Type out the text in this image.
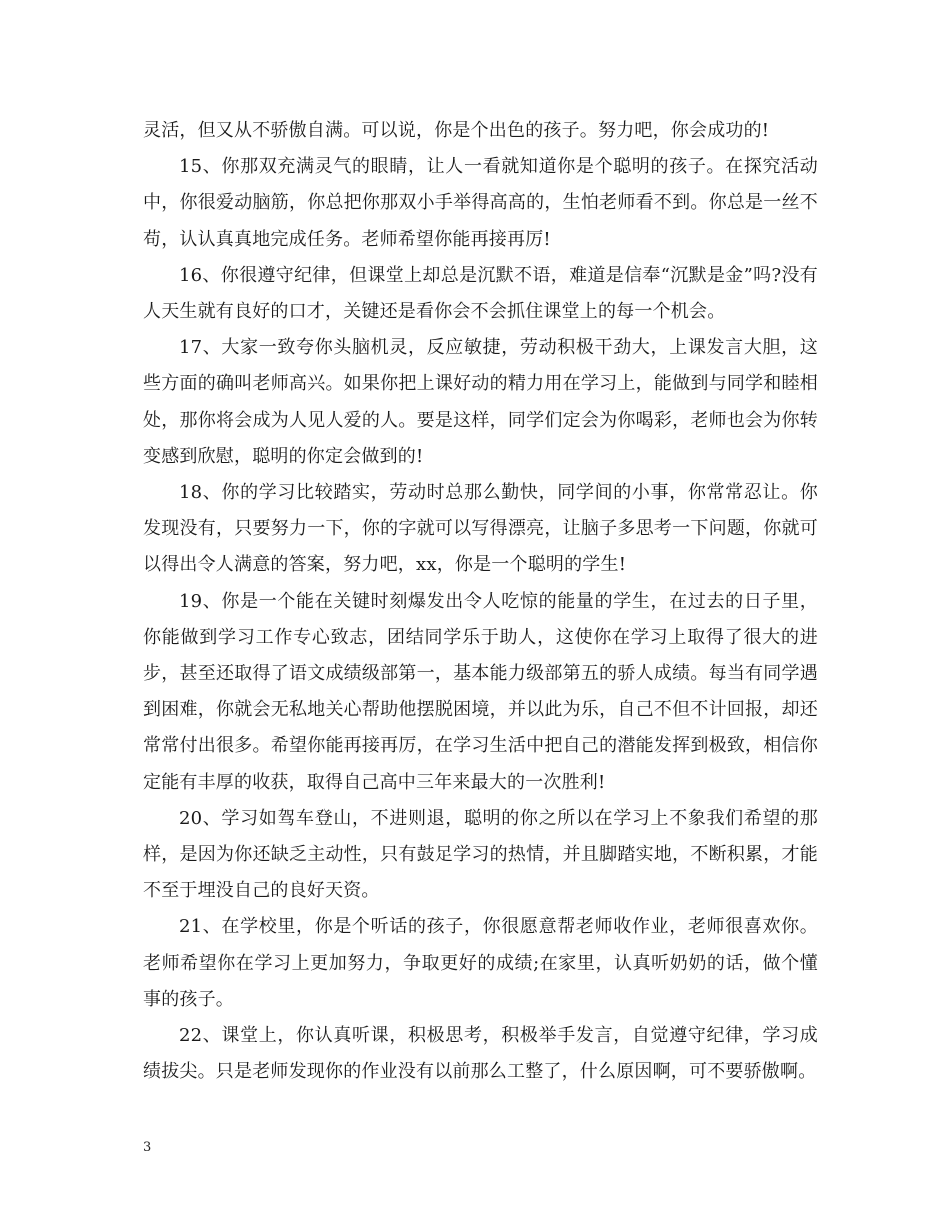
灵活，但又从不骄傲自满。可以说，你是个出色的孩子。努力吧，你会成功的!

15、你那双充满灵气的眼睛，让人一看就知道你是个聪明的孩子。在探究活动中，你很爱动脑筋，你总把你那双小手举得高高的，生怕老师看不到。你总是一丝不苟，认认真真地完成任务。老师希望你能再接再厉!

16、你很遵守纪律，但课堂上却总是沉默不语，难道是信奉“沉默是金”吗?没有人天生就有良好的口才，关键还是看你会不会抓住课堂上的每一个机会。

17、大家一致夸你头脑机灵，反应敏捷，劳动积极干劲大，上课发言大胆，这些方面的确叫老师高兴。如果你把上课好动的精力用在学习上，能做到与同学和睦相处，那你将会成为人见人爱的人。要是这样，同学们定会为你喝彩，老师也会为你转变感到欣慰，聪明的你定会做到的!

18、你的学习比较踏实，劳动时总那么勤快，同学间的小事，你常常忍让。你发现没有，只要努力一下，你的字就可以写得漂亮，让脑子多思考一下问题，你就可以得出令人满意的答案，努力吧，xx，你是一个聪明的学生!

19、你是一个能在关键时刻爆发出令人吃惊的能量的学生，在过去的日子里，你能做到学习工作专心致志，团结同学乐于助人，这使你在学习上取得了很大的进步，甚至还取得了语文成绩级部第一，基本能力级部第五的骄人成绩。每当有同学遇到困难，你就会无私地关心帮助他摆脱困境，并以此为乐，自己不但不计回报，却还常常付出很多。希望你能再接再厉，在学习生活中把自己的潜能发挥到极致，相信你定能有丰厚的收获，取得自己高中三年来最大的一次胜利!

20、学习如驾车登山，不进则退，聪明的你之所以在学习上不象我们希望的那样，是因为你还缺乏主动性，只有鼓足学习的热情，并且脚踏实地，不断积累，才能不至于埋没自己的良好天资。

21、在学校里，你是个听话的孩子，你很愿意帮老师收作业，老师很喜欢你。老师希望你在学习上更加努力，争取更好的成绩;在家里，认真听奶奶的话，做个懂事的孩子。

22、课堂上，你认真听课，积极思考，积极举手发言，自觉遵守纪律，学习成绩拔尖。只是老师发现你的作业没有以前那么工整了，什么原因啊，可不要骄傲啊。

3
